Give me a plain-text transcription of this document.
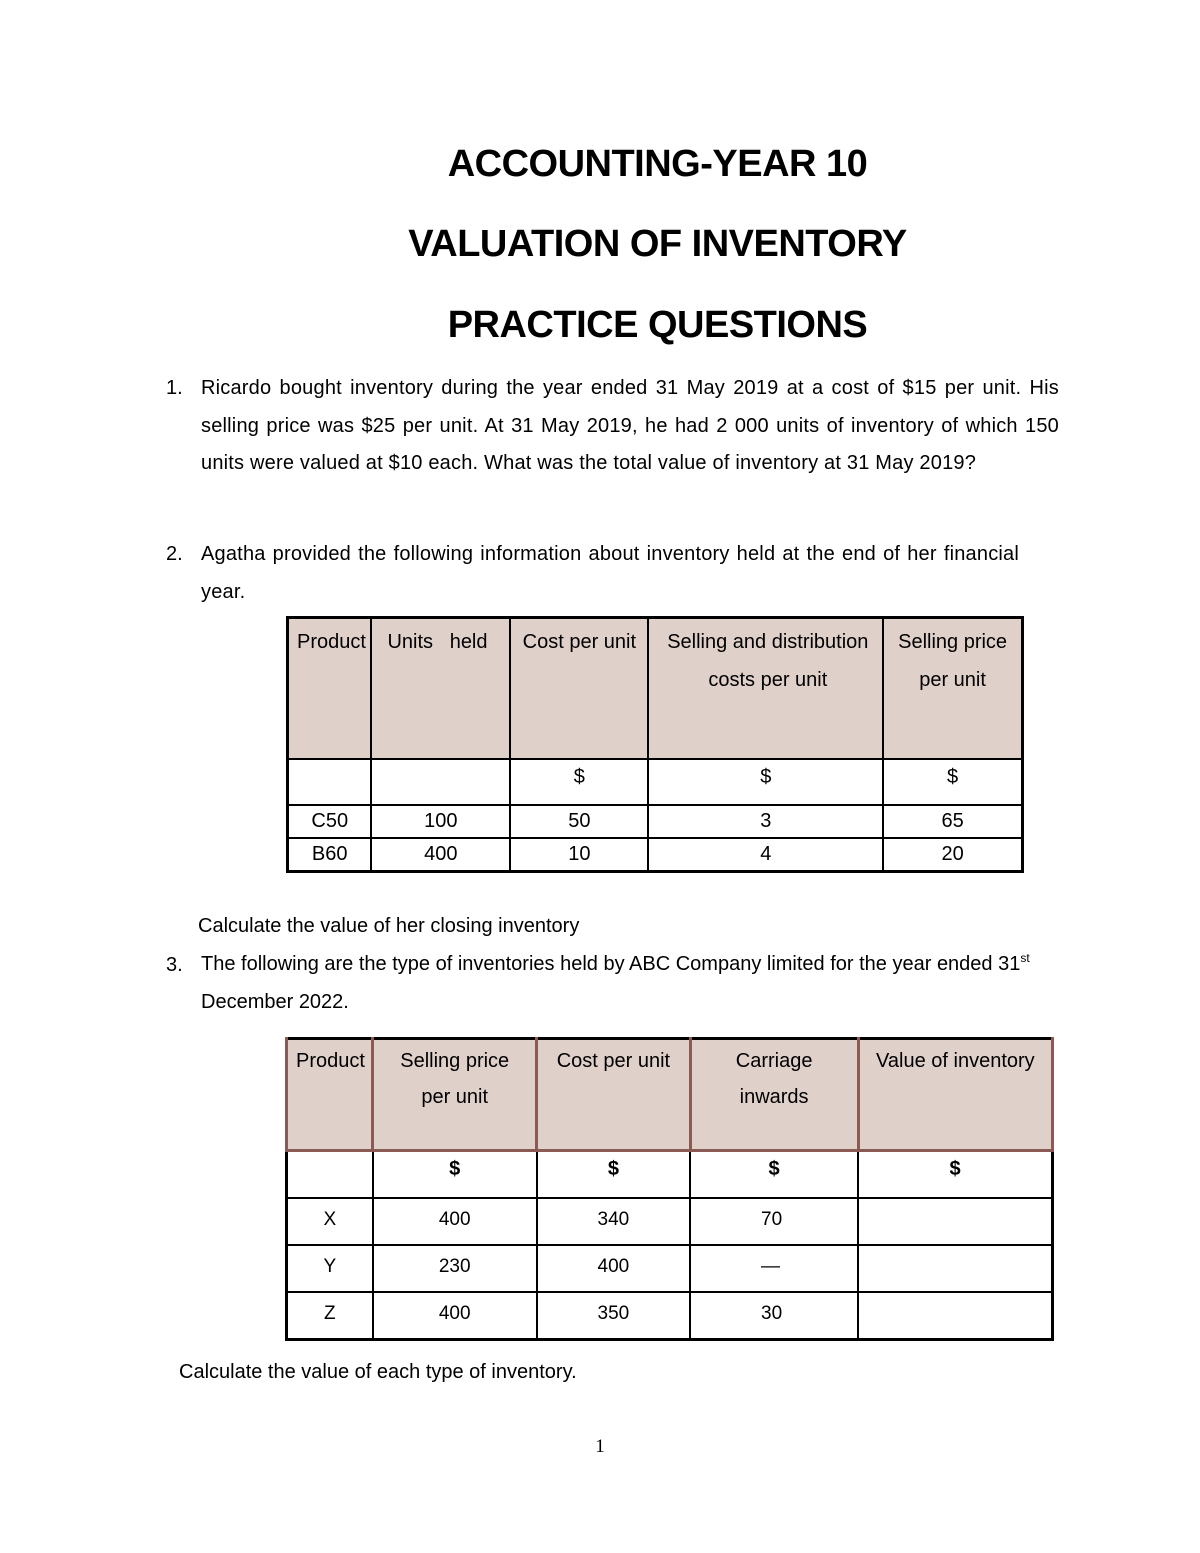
ACCOUNTING-YEAR 10
VALUATION OF INVENTORY
PRACTICE QUESTIONS
1. Ricardo bought inventory during the year ended 31 May 2019 at a cost of $15 per unit. His selling price was $25 per unit. At 31 May 2019, he had 2 000 units of inventory of which 150 units were valued at $10 each. What was the total value of inventory at 31 May 2019?
2. Agatha provided the following information about inventory held at the end of her financial year.
Product	Units   held	Cost per unit	Selling and distribution costs per unit	Selling price per unit
		$	$	$
C50	100	50	3	65
B60	400	10	4	20
Calculate the value of her closing inventory
3. The following are the type of inventories held by ABC Company limited for the year ended 31st December 2022.
Product	Selling price per unit	Cost per unit	Carriage inwards	Value of inventory
	$	$	$	$
X	400	340	70	
Y	230	400	—	
Z	400	350	30	
Calculate the value of each type of inventory.
1
